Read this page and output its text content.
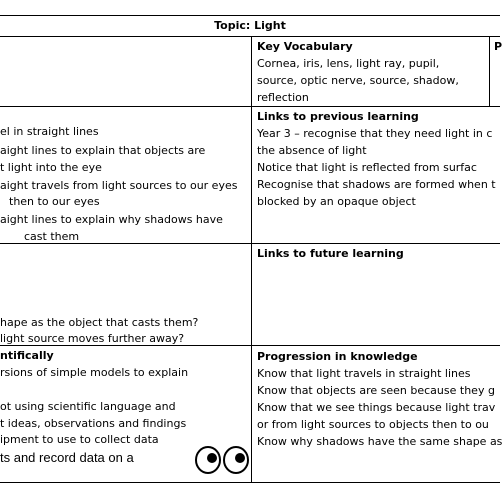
Topic: Light
Key Vocabulary
Cornea, iris, lens, light ray, pupil,
source, optic nerve, source, shadow,
reflection
P
el in straight lines
aight lines to explain that objects are
t light into the eye
aight travels from light sources to our eyes
then to our eyes
aight lines to explain why shadows have
cast them
Links to previous learning
Year 3 – recognise that they need light in c
the absence of light
Notice that light is reflected from surfac
Recognise that shadows are formed when t
blocked by an opaque object
hape as the object that casts them?
light source moves further away?
Links to future learning
ntifically
rsions of simple models to explain
ot using scientific language and
t ideas, observations and findings
ipment to use to collect data
ts and record data on a
Progression in knowledge
Know that light travels in straight lines
Know that objects are seen because they g
Know that we see things because light trav
or from light sources to objects then to ou
Know why shadows have the same shape as
